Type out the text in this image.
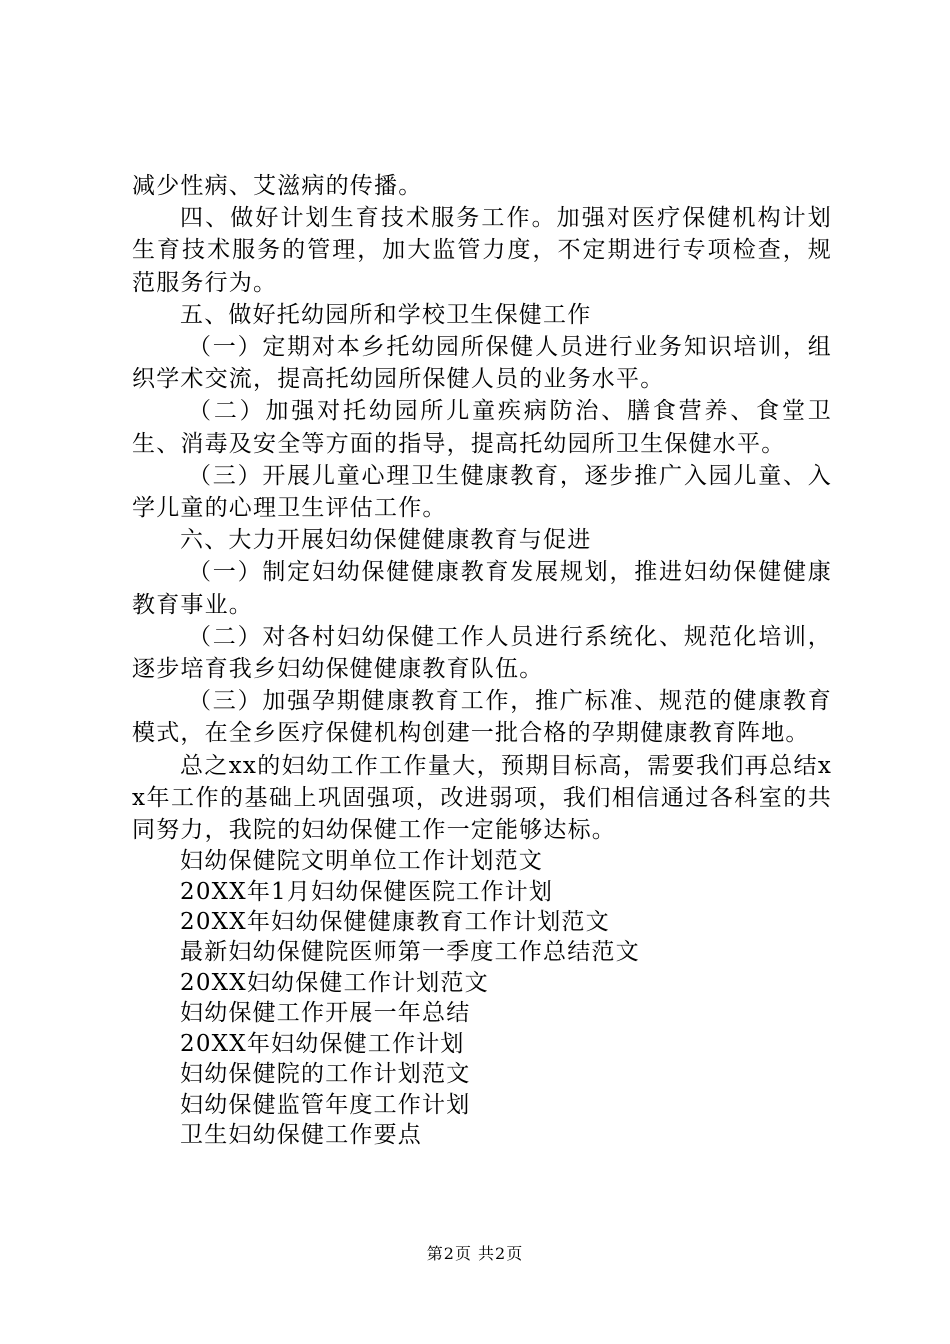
减少性病、艾滋病的传播。

四、做好计划生育技术服务工作。加强对医疗保健机构计划生育技术服务的管理，加大监管力度，不定期进行专项检查，规范服务行为。

五、做好托幼园所和学校卫生保健工作

（一）定期对本乡托幼园所保健人员进行业务知识培训，组织学术交流，提高托幼园所保健人员的业务水平。

（二）加强对托幼园所儿童疾病防治、膳食营养、食堂卫生、消毒及安全等方面的指导，提高托幼园所卫生保健水平。

（三）开展儿童心理卫生健康教育，逐步推广入园儿童、入学儿童的心理卫生评估工作。

六、大力开展妇幼保健健康教育与促进

（一）制定妇幼保健健康教育发展规划，推进妇幼保健健康教育事业。

（二）对各村妇幼保健工作人员进行系统化、规范化培训，逐步培育我乡妇幼保健健康教育队伍。

（三）加强孕期健康教育工作，推广标准、规范的健康教育模式，在全乡医疗保健机构创建一批合格的孕期健康教育阵地。

总之xx的妇幼工作工作量大，预期目标高，需要我们再总结xx年工作的基础上巩固强项，改进弱项，我们相信通过各科室的共同努力，我院的妇幼保健工作一定能够达标。

妇幼保健院文明单位工作计划范文
20XX年1月妇幼保健医院工作计划
20XX年妇幼保健健康教育工作计划范文
最新妇幼保健院医师第一季度工作总结范文
20XX妇幼保健工作计划范文
妇幼保健工作开展一年总结
20XX年妇幼保健工作计划
妇幼保健院的工作计划范文
妇幼保健监管年度工作计划
卫生妇幼保健工作要点
第2页 共2页
